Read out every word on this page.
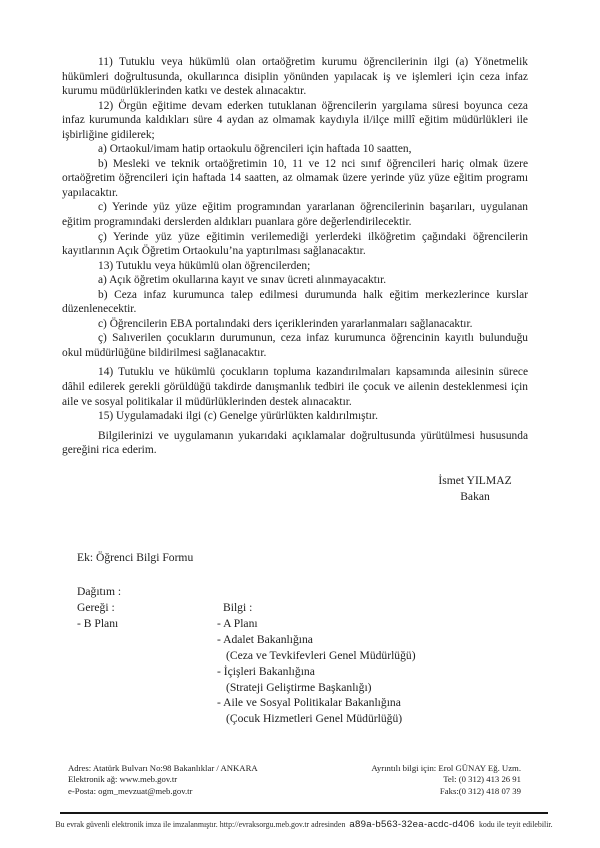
11) Tutuklu veya hükümlü olan ortaöğretim kurumu öğrencilerinin ilgi (a) Yönetmelik hükümleri doğrultusunda, okullarınca disiplin yönünden yapılacak iş ve işlemleri için ceza infaz kurumu müdürlüklerinden katkı ve destek alınacaktır.
12) Örgün eğitime devam ederken tutuklanan öğrencilerin yargılama süresi boyunca ceza infaz kurumunda kaldıkları süre 4 aydan az olmamak kaydıyla il/ilçe millî eğitim müdürlükleri ile işbirliğine gidilerek;
a) Ortaokul/imam hatip ortaokulu öğrencileri için haftada 10 saatten,
b) Mesleki ve teknik ortaöğretimin 10, 11 ve 12 nci sınıf öğrencileri hariç olmak üzere ortaöğretim öğrencileri için haftada 14 saatten, az olmamak üzere yerinde yüz yüze eğitim programı yapılacaktır.
c) Yerinde yüz yüze eğitim programından yararlanan öğrencilerinin başarıları, uygulanan eğitim programındaki derslerden aldıkları puanlara göre değerlendirilecektir.
ç) Yerinde yüz yüze eğitimin verilemediği yerlerdeki ilköğretim çağındaki öğrencilerin kayıtlarının Açık Öğretim Ortaokulu’na yaptırılması sağlanacaktır.
13) Tutuklu veya hükümlü olan öğrencilerden;
a) Açık öğretim okullarına kayıt ve sınav ücreti alınmayacaktır.
b) Ceza infaz kurumunca talep edilmesi durumunda halk eğitim merkezlerince kurslar düzenlenecektir.
c) Öğrencilerin EBA portalındaki ders içeriklerinden yararlanmaları sağlanacaktır.
ç) Salıverilen çocukların durumunun, ceza infaz kurumunca öğrencinin kayıtlı bulunduğu okul müdürlüğüne bildirilmesi sağlanacaktır.
14) Tutuklu ve hükümlü çocukların topluma kazandırılmaları kapsamında ailesinin sürece dâhil edilerek gerekli görüldüğü takdirde danışmanlık tedbiri ile çocuk ve ailenin desteklenmesi için aile ve sosyal politikalar il müdürlüklerinden destek alınacaktır.
15) Uygulamadaki ilgi (c) Genelge yürürlükten kaldırılmıştır.
Bilgilerinizi ve uygulamanın yukarıdaki açıklamalar doğrultusunda yürütülmesi hususunda gereğini rica ederim.
İsmet YILMAZ
Bakan
Ek: Öğrenci Bilgi Formu
Dağıtım :
Gereği :
- B Planı
Bilgi :
- A Planı
- Adalet Bakanlığına
(Ceza ve Tevkifevleri Genel Müdürlüğü)
- İçişleri Bakanlığına
(Strateji Geliştirme Başkanlığı)
- Aile ve Sosyal Politikalar Bakanlığına
(Çocuk Hizmetleri Genel Müdürlüğü)
Adres: Atatürk Bulvarı No:98 Bakanlıklar / ANKARA
Elektronik ağ: www.meb.gov.tr
e-Posta: ogm_mevzuat@meb.gov.tr
Ayrıntılı bilgi için: Erol GÜNAY Eğ. Uzm.
Tel: (0 312) 413 26 91
Faks:(0 312) 418 07 39
Bu evrak güvenli elektronik imza ile imzalanmıştır. http://evraksorgu.meb.gov.tr adresinden a89a-b563-32ea-acdc-d406 kodu ile teyit edilebilir.
